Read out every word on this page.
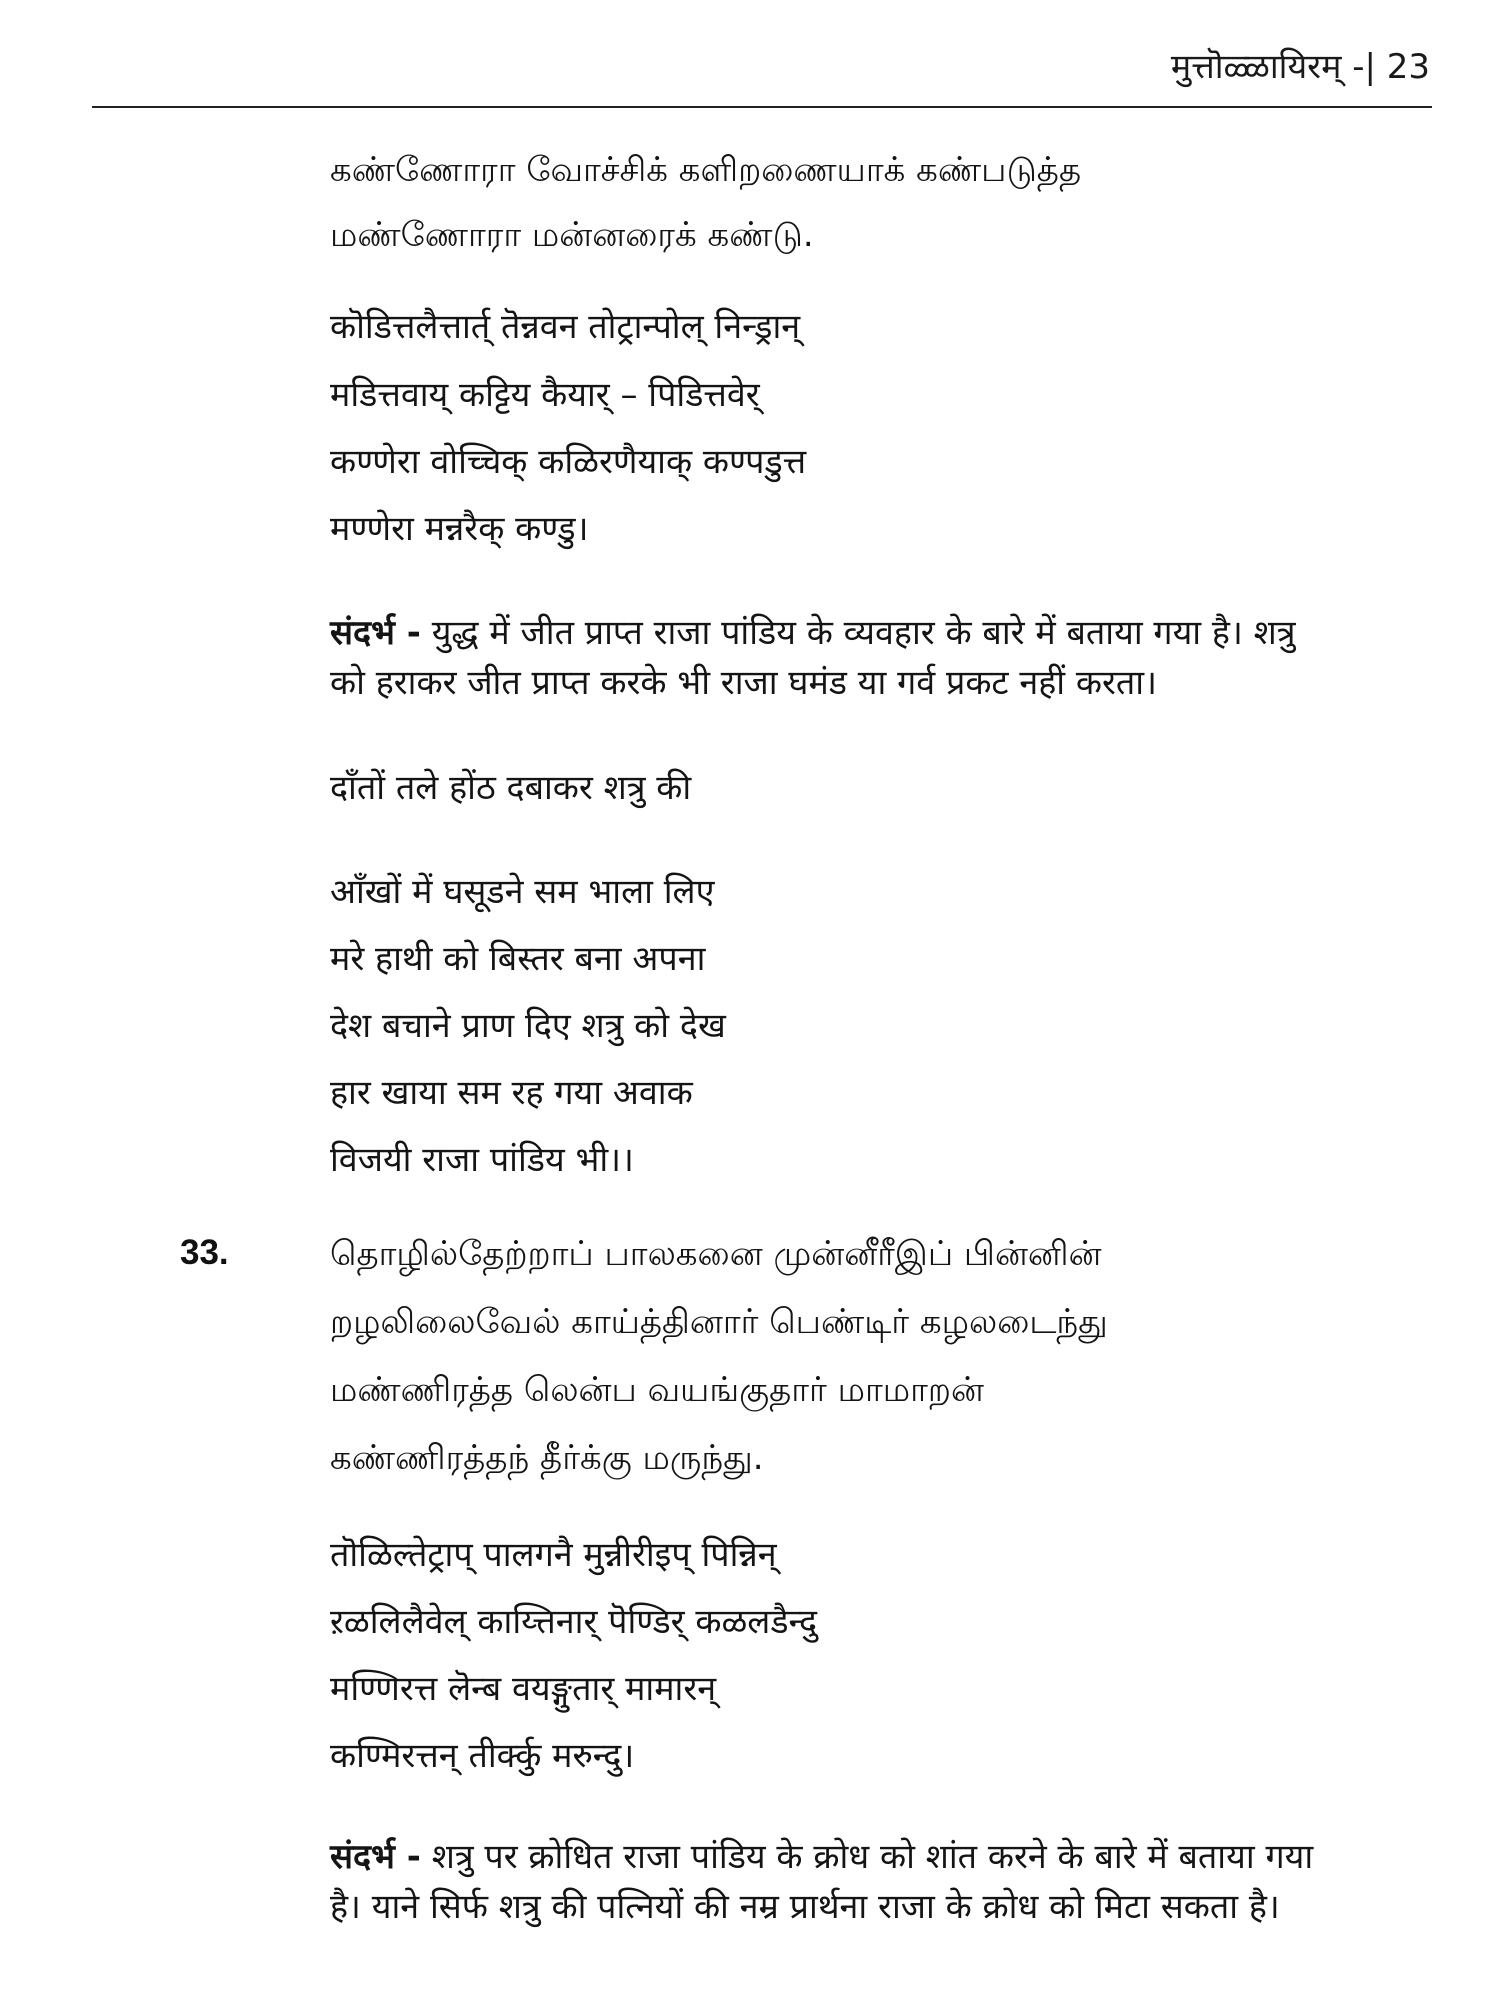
मुत्तॊळ्ळायिरम् -| 23
கண்ணோரா வோச்சிக் களிறணையாக் கண்படுத்த
மண்ணோரா மன்னரைக் கண்டு.
कॊडित्तलैत्तार्त् तॆन्नवन तोट्रान्पोल् निन्ड्रान्
मडित्तवाय् कट्टिय कैयार् – पिडित्तवेर्
कण्णेरा वोच्चिक् कळिरणैयाक् कण्पडुत्त
मण्णेरा मन्नरैक् कण्डु।
संदर्भ - युद्ध में जीत प्राप्त राजा पांडिय के व्यवहार के बारे में बताया गया है। शत्रु को हराकर जीत प्राप्त करके भी राजा घमंड या गर्व प्रकट नहीं करता।
दाँतों तले होंठ दबाकर शत्रु की
आँखों में घसूडने सम भाला लिए
मरे हाथी को बिस्तर बना अपना
देश बचाने प्राण दिए शत्रु को देख
हार खाया सम रह गया अवाक
विजयी राजा पांडिय भी।।
33.	தொழில்தேற்றாப் பாலகனை முன்னீரீஇப் பின்னின்
றழலிலைவேல் காய்த்தினார் பெண்டிர் கழலடைந்து
மண்ணிரத்த லென்ப வயங்குதார் மாமாறன்
கண்ணிரத்தந் தீர்க்கு மருந்து.
तॊळिल्तेट्राप् पालगनै मुन्नीरीइप् पिन्निन्
ऱळलिलैवेल् काय्त्तिनार् पॆण्डिर् कळलडैन्दु
मण्णिरत्त लॆन्ब वयङ्गुतार् मामारन्
कण्मिरत्तन् तीर्क्कु मरुन्दु।
संदर्भ - शत्रु पर क्रोधित राजा पांडिय के क्रोध को शांत करने के बारे में बताया गया है। याने सिर्फ शत्रु की पत्नियों की नम्र प्रार्थना राजा के क्रोध को मिटा सकता है।
